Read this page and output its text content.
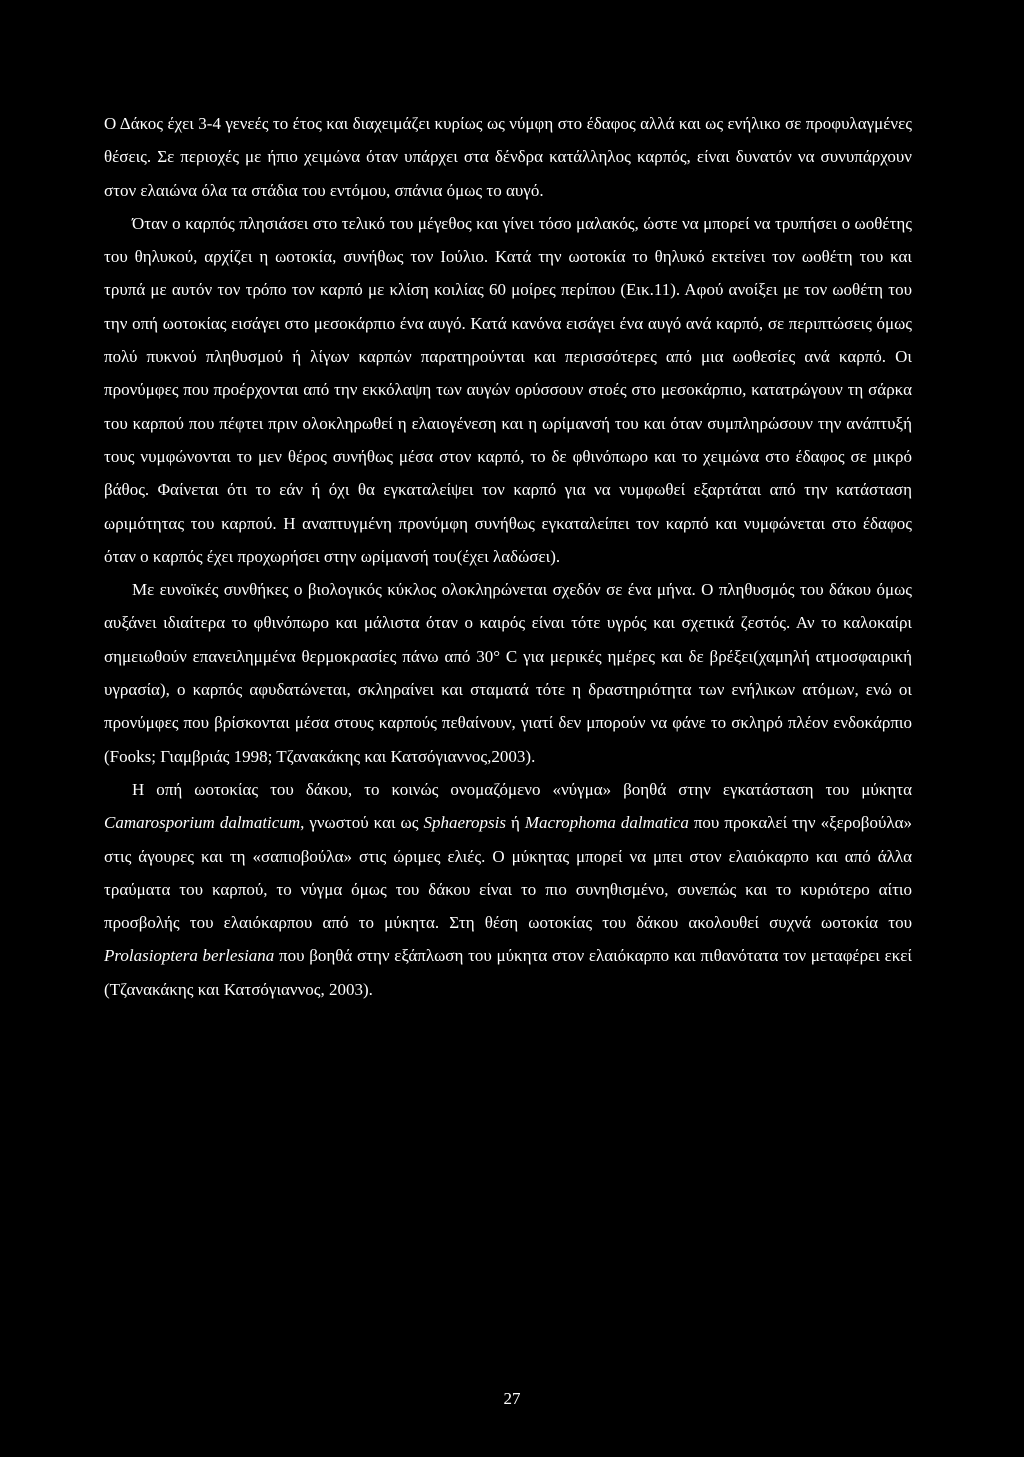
Ο Δάκος έχει 3-4 γενεές το έτος και διαχειμάζει κυρίως ως νύμφη στο έδαφος αλλά και ως ενήλικο σε προφυλαγμένες θέσεις. Σε περιοχές με ήπιο χειμώνα όταν υπάρχει στα δένδρα κατάλληλος καρπός, είναι δυνατόν να συνυπάρχουν στον ελαιώνα όλα τα στάδια του εντόμου, σπάνια όμως το αυγό.

Όταν ο καρπός πλησιάσει στο τελικό του μέγεθος και γίνει τόσο μαλακός, ώστε να μπορεί να τρυπήσει ο ωοθέτης του θηλυκού, αρχίζει η ωοτοκία, συνήθως τον Ιούλιο. Κατά την ωοτοκία το θηλυκό εκτείνει τον ωοθέτη του και τρυπά με αυτόν τον τρόπο τον καρπό με κλίση κοιλίας 60 μοίρες περίπου (Εικ.11). Αφού ανοίξει με τον ωοθέτη του την οπή ωοτοκίας εισάγει στο μεσοκάρπιο ένα αυγό. Κατά κανόνα εισάγει ένα αυγό ανά καρπό, σε περιπτώσεις όμως πολύ πυκνού πληθυσμού ή λίγων καρπών παρατηρούνται και περισσότερες από μια ωοθεσίες ανά καρπό. Οι προνύμφες που προέρχονται από την εκκόλαψη των αυγών ορύσσουν στοές στο μεσοκάρπιο, κατατρώγουν τη σάρκα του καρπού που πέφτει πριν ολοκληρωθεί η ελαιογένεση και η ωρίμανσή του και όταν συμπληρώσουν την ανάπτυξή τους νυμφώνονται το μεν θέρος συνήθως μέσα στον καρπό, το δε φθινόπωρο και το χειμώνα στο έδαφος σε μικρό βάθος. Φαίνεται ότι το εάν ή όχι θα εγκαταλείψει τον καρπό για να νυμφωθεί εξαρτάται από την κατάσταση ωριμότητας του καρπού. Η αναπτυγμένη προνύμφη συνήθως εγκαταλείπει τον καρπό και νυμφώνεται στο έδαφος όταν ο καρπός έχει προχωρήσει στην ωρίμανσή του(έχει λαδώσει).

Με ευνοϊκές συνθήκες ο βιολογικός κύκλος ολοκληρώνεται σχεδόν σε ένα μήνα. Ο πληθυσμός του δάκου όμως αυξάνει ιδιαίτερα το φθινόπωρο και μάλιστα όταν ο καιρός είναι τότε υγρός και σχετικά ζεστός. Αν το καλοκαίρι σημειωθούν επανειλημμένα θερμοκρασίες πάνω από 30° C για μερικές ημέρες και δε βρέξει(χαμηλή ατμοσφαιρική υγρασία), ο καρπός αφυδατώνεται, σκληραίνει και σταματά τότε η δραστηριότητα των ενήλικων ατόμων, ενώ οι προνύμφες που βρίσκονται μέσα στους καρπούς πεθαίνουν, γιατί δεν μπορούν να φάνε το σκληρό πλέον ενδοκάρπιο (Fooks; Γιαμβριάς 1998; Τζανακάκης και Κατσόγιαννος,2003).

Η οπή ωοτοκίας του δάκου, το κοινώς ονομαζόμενο «νύγμα» βοηθά στην εγκατάσταση του μύκητα Camarosporium dalmaticum, γνωστού και ως Sphaeropsis ή Macrophoma dalmatica που προκαλεί την «ξεροβούλα» στις άγουρες και τη «σαπιοβούλα» στις ώριμες ελιές. Ο μύκητας μπορεί να μπει στον ελαιόκαρπο και από άλλα τραύματα του καρπού, το νύγμα όμως του δάκου είναι το πιο συνηθισμένο, συνεπώς και το κυριότερο αίτιο προσβολής του ελαιόκαρπου από το μύκητα. Στη θέση ωοτοκίας του δάκου ακολουθεί συχνά ωοτοκία του Prolasioptera berlesiana που βοηθά στην εξάπλωση του μύκητα στον ελαιόκαρπο και πιθανότατα τον μεταφέρει εκεί (Τζανακάκης και Κατσόγιαννος, 2003).

27
